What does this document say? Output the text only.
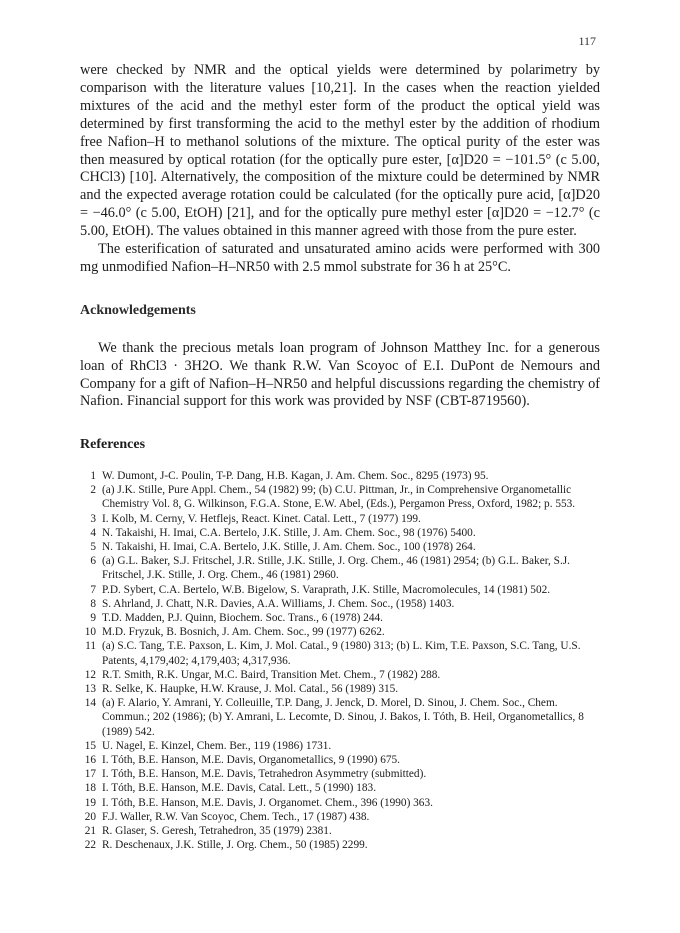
117

were checked by NMR and the optical yields were determined by polarimetry by comparison with the literature values [10,21]. In the cases when the reaction yielded mixtures of the acid and the methyl ester form of the product the optical yield was determined by first transforming the acid to the methyl ester by the addition of rhodium free Nafion–H to methanol solutions of the mixture. The optical purity of the ester was then measured by optical rotation (for the optically pure ester, [α]D20 = −101.5° (c 5.00, CHCl3) [10]. Alternatively, the composition of the mixture could be determined by NMR and the expected average rotation could be calculated (for the optically pure acid, [α]D20 = −46.0° (c 5.00, EtOH) [21], and for the optically pure methyl ester [α]D20 = −12.7° (c 5.00, EtOH). The values obtained in this manner agreed with those from the pure ester.

The esterification of saturated and unsaturated amino acids were performed with 300 mg unmodified Nafion–H–NR50 with 2.5 mmol substrate for 36 h at 25°C.

Acknowledgements
We thank the precious metals loan program of Johnson Matthey Inc. for a generous loan of RhCl3 · 3H2O. We thank R.W. Van Scoyoc of E.I. DuPont de Nemours and Company for a gift of Nafion–H–NR50 and helpful discussions regarding the chemistry of Nafion. Financial support for this work was provided by NSF (CBT-8719560).
References
1 W. Dumont, J-C. Poulin, T-P. Dang, H.B. Kagan, J. Am. Chem. Soc., 8295 (1973) 95.
2 (a) J.K. Stille, Pure Appl. Chem., 54 (1982) 99; (b) C.U. Pittman, Jr., in Comprehensive Organometallic Chemistry Vol. 8, G. Wilkinson, F.G.A. Stone, E.W. Abel, (Eds.), Pergamon Press, Oxford, 1982; p. 553.
3 I. Kolb, M. Cerny, V. Hetflejs, React. Kinet. Catal. Lett., 7 (1977) 199.
4 N. Takaishi, H. Imai, C.A. Bertelo, J.K. Stille, J. Am. Chem. Soc., 98 (1976) 5400.
5 N. Takaishi, H. Imai, C.A. Bertelo, J.K. Stille, J. Am. Chem. Soc., 100 (1978) 264.
6 (a) G.L. Baker, S.J. Fritschel, J.R. Stille, J.K. Stille, J. Org. Chem., 46 (1981) 2954; (b) G.L. Baker, S.J. Fritschel, J.K. Stille, J. Org. Chem., 46 (1981) 2960.
7 P.D. Sybert, C.A. Bertelo, W.B. Bigelow, S. Varaprath, J.K. Stille, Macromolecules, 14 (1981) 502.
8 S. Ahrland, J. Chatt, N.R. Davies, A.A. Williams, J. Chem. Soc., (1958) 1403.
9 T.D. Madden, P.J. Quinn, Biochem. Soc. Trans., 6 (1978) 244.
10 M.D. Fryzuk, B. Bosnich, J. Am. Chem. Soc., 99 (1977) 6262.
11 (a) S.C. Tang, T.E. Paxson, L. Kim, J. Mol. Catal., 9 (1980) 313; (b) L. Kim, T.E. Paxson, S.C. Tang, U.S. Patents, 4,179,402; 4,179,403; 4,317,936.
12 R.T. Smith, R.K. Ungar, M.C. Baird, Transition Met. Chem., 7 (1982) 288.
13 R. Selke, K. Haupke, H.W. Krause, J. Mol. Catal., 56 (1989) 315.
14 (a) F. Alario, Y. Amrani, Y. Colleuille, T.P. Dang, J. Jenck, D. Morel, D. Sinou, J. Chem. Soc., Chem. Commun.; 202 (1986); (b) Y. Amrani, L. Lecomte, D. Sinou, J. Bakos, I. Tóth, B. Heil, Organometallics, 8 (1989) 542.
15 U. Nagel, E. Kinzel, Chem. Ber., 119 (1986) 1731.
16 I. Tóth, B.E. Hanson, M.E. Davis, Organometallics, 9 (1990) 675.
17 I. Tóth, B.E. Hanson, M.E. Davis, Tetrahedron Asymmetry (submitted).
18 I. Tóth, B.E. Hanson, M.E. Davis, Catal. Lett., 5 (1990) 183.
19 I. Tóth, B.E. Hanson, M.E. Davis, J. Organomet. Chem., 396 (1990) 363.
20 F.J. Waller, R.W. Van Scoyoc, Chem. Tech., 17 (1987) 438.
21 R. Glaser, S. Geresh, Tetrahedron, 35 (1979) 2381.
22 R. Deschenaux, J.K. Stille, J. Org. Chem., 50 (1985) 2299.
